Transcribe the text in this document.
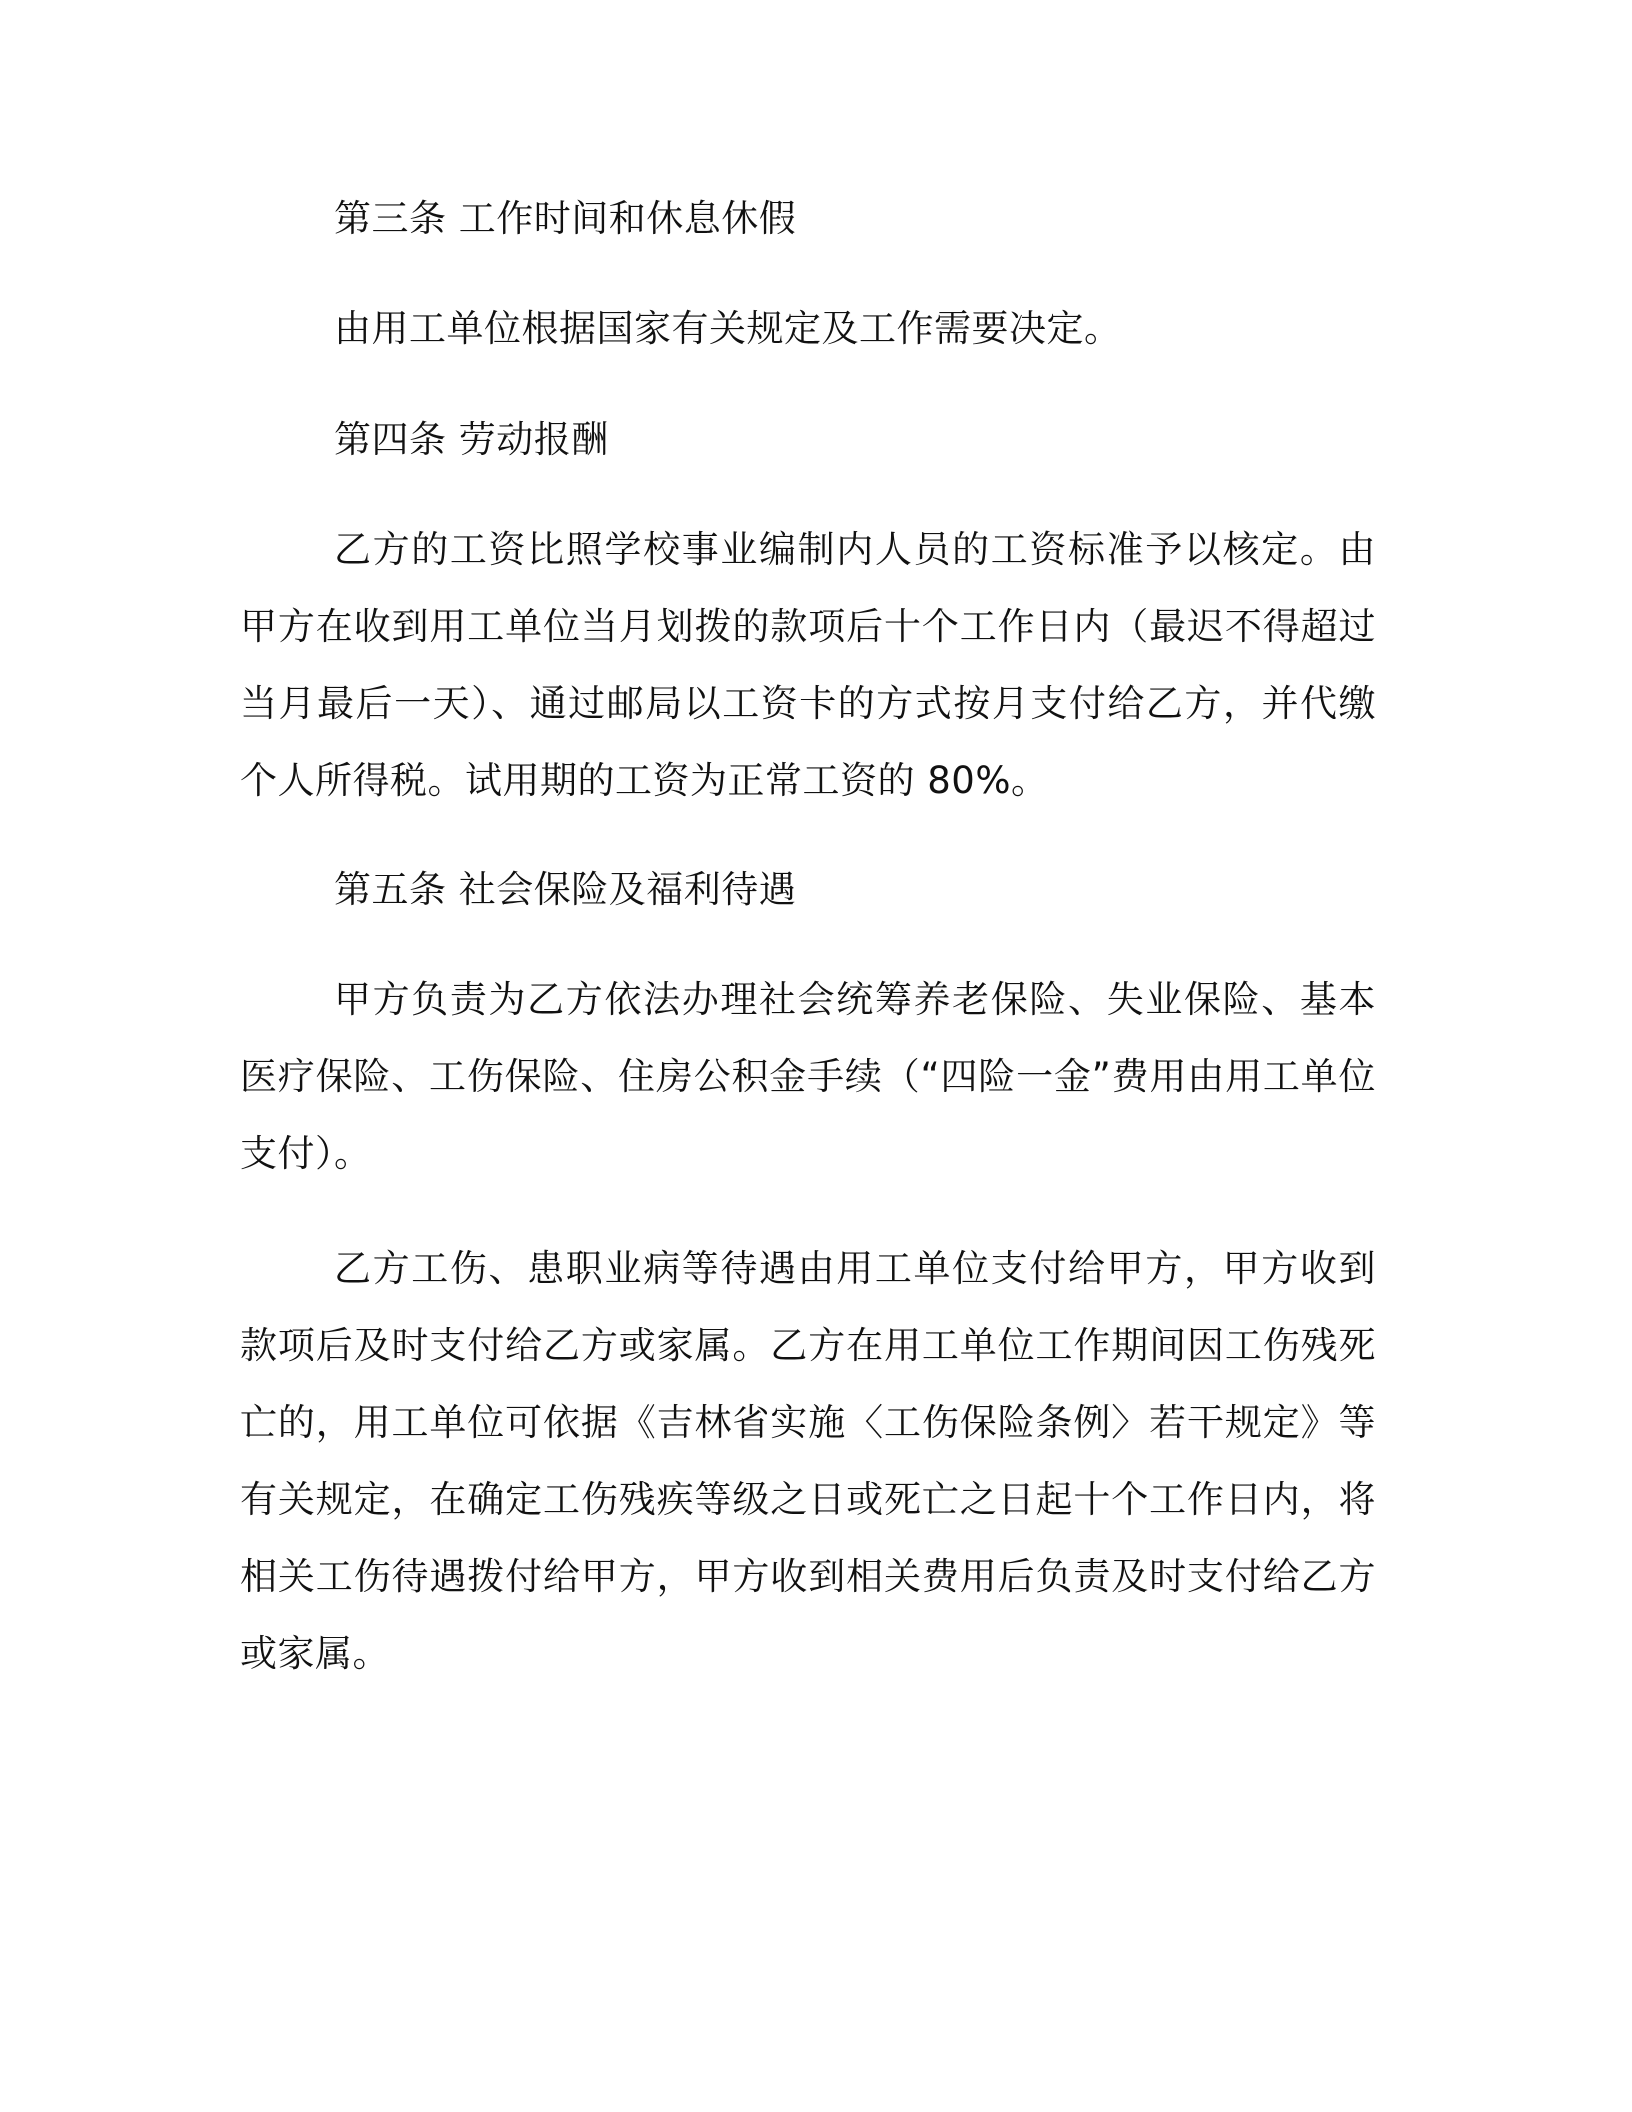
第三条 工作时间和休息休假

由用工单位根据国家有关规定及工作需要决定。

第四条 劳动报酬

乙方的工资比照学校事业编制内人员的工资标准予以核定。由甲方在收到用工单位当月划拨的款项后十个工作日内（最迟不得超过当月最后一天）、通过邮局以工资卡的方式按月支付给乙方，并代缴个人所得税。试用期的工资为正常工资的 80%。

第五条 社会保险及福利待遇

甲方负责为乙方依法办理社会统筹养老保险、失业保险、基本医疗保险、工伤保险、住房公积金手续（“四险一金”费用由用工单位支付）。

乙方工伤、患职业病等待遇由用工单位支付给甲方，甲方收到款项后及时支付给乙方或家属。乙方在用工单位工作期间因工伤残死亡的，用工单位可依据《吉林省实施〈工伤保险条例〉若干规定》等有关规定，在确定工伤残疾等级之日或死亡之日起十个工作日内，将相关工伤待遇拨付给甲方，甲方收到相关费用后负责及时支付给乙方或家属。
